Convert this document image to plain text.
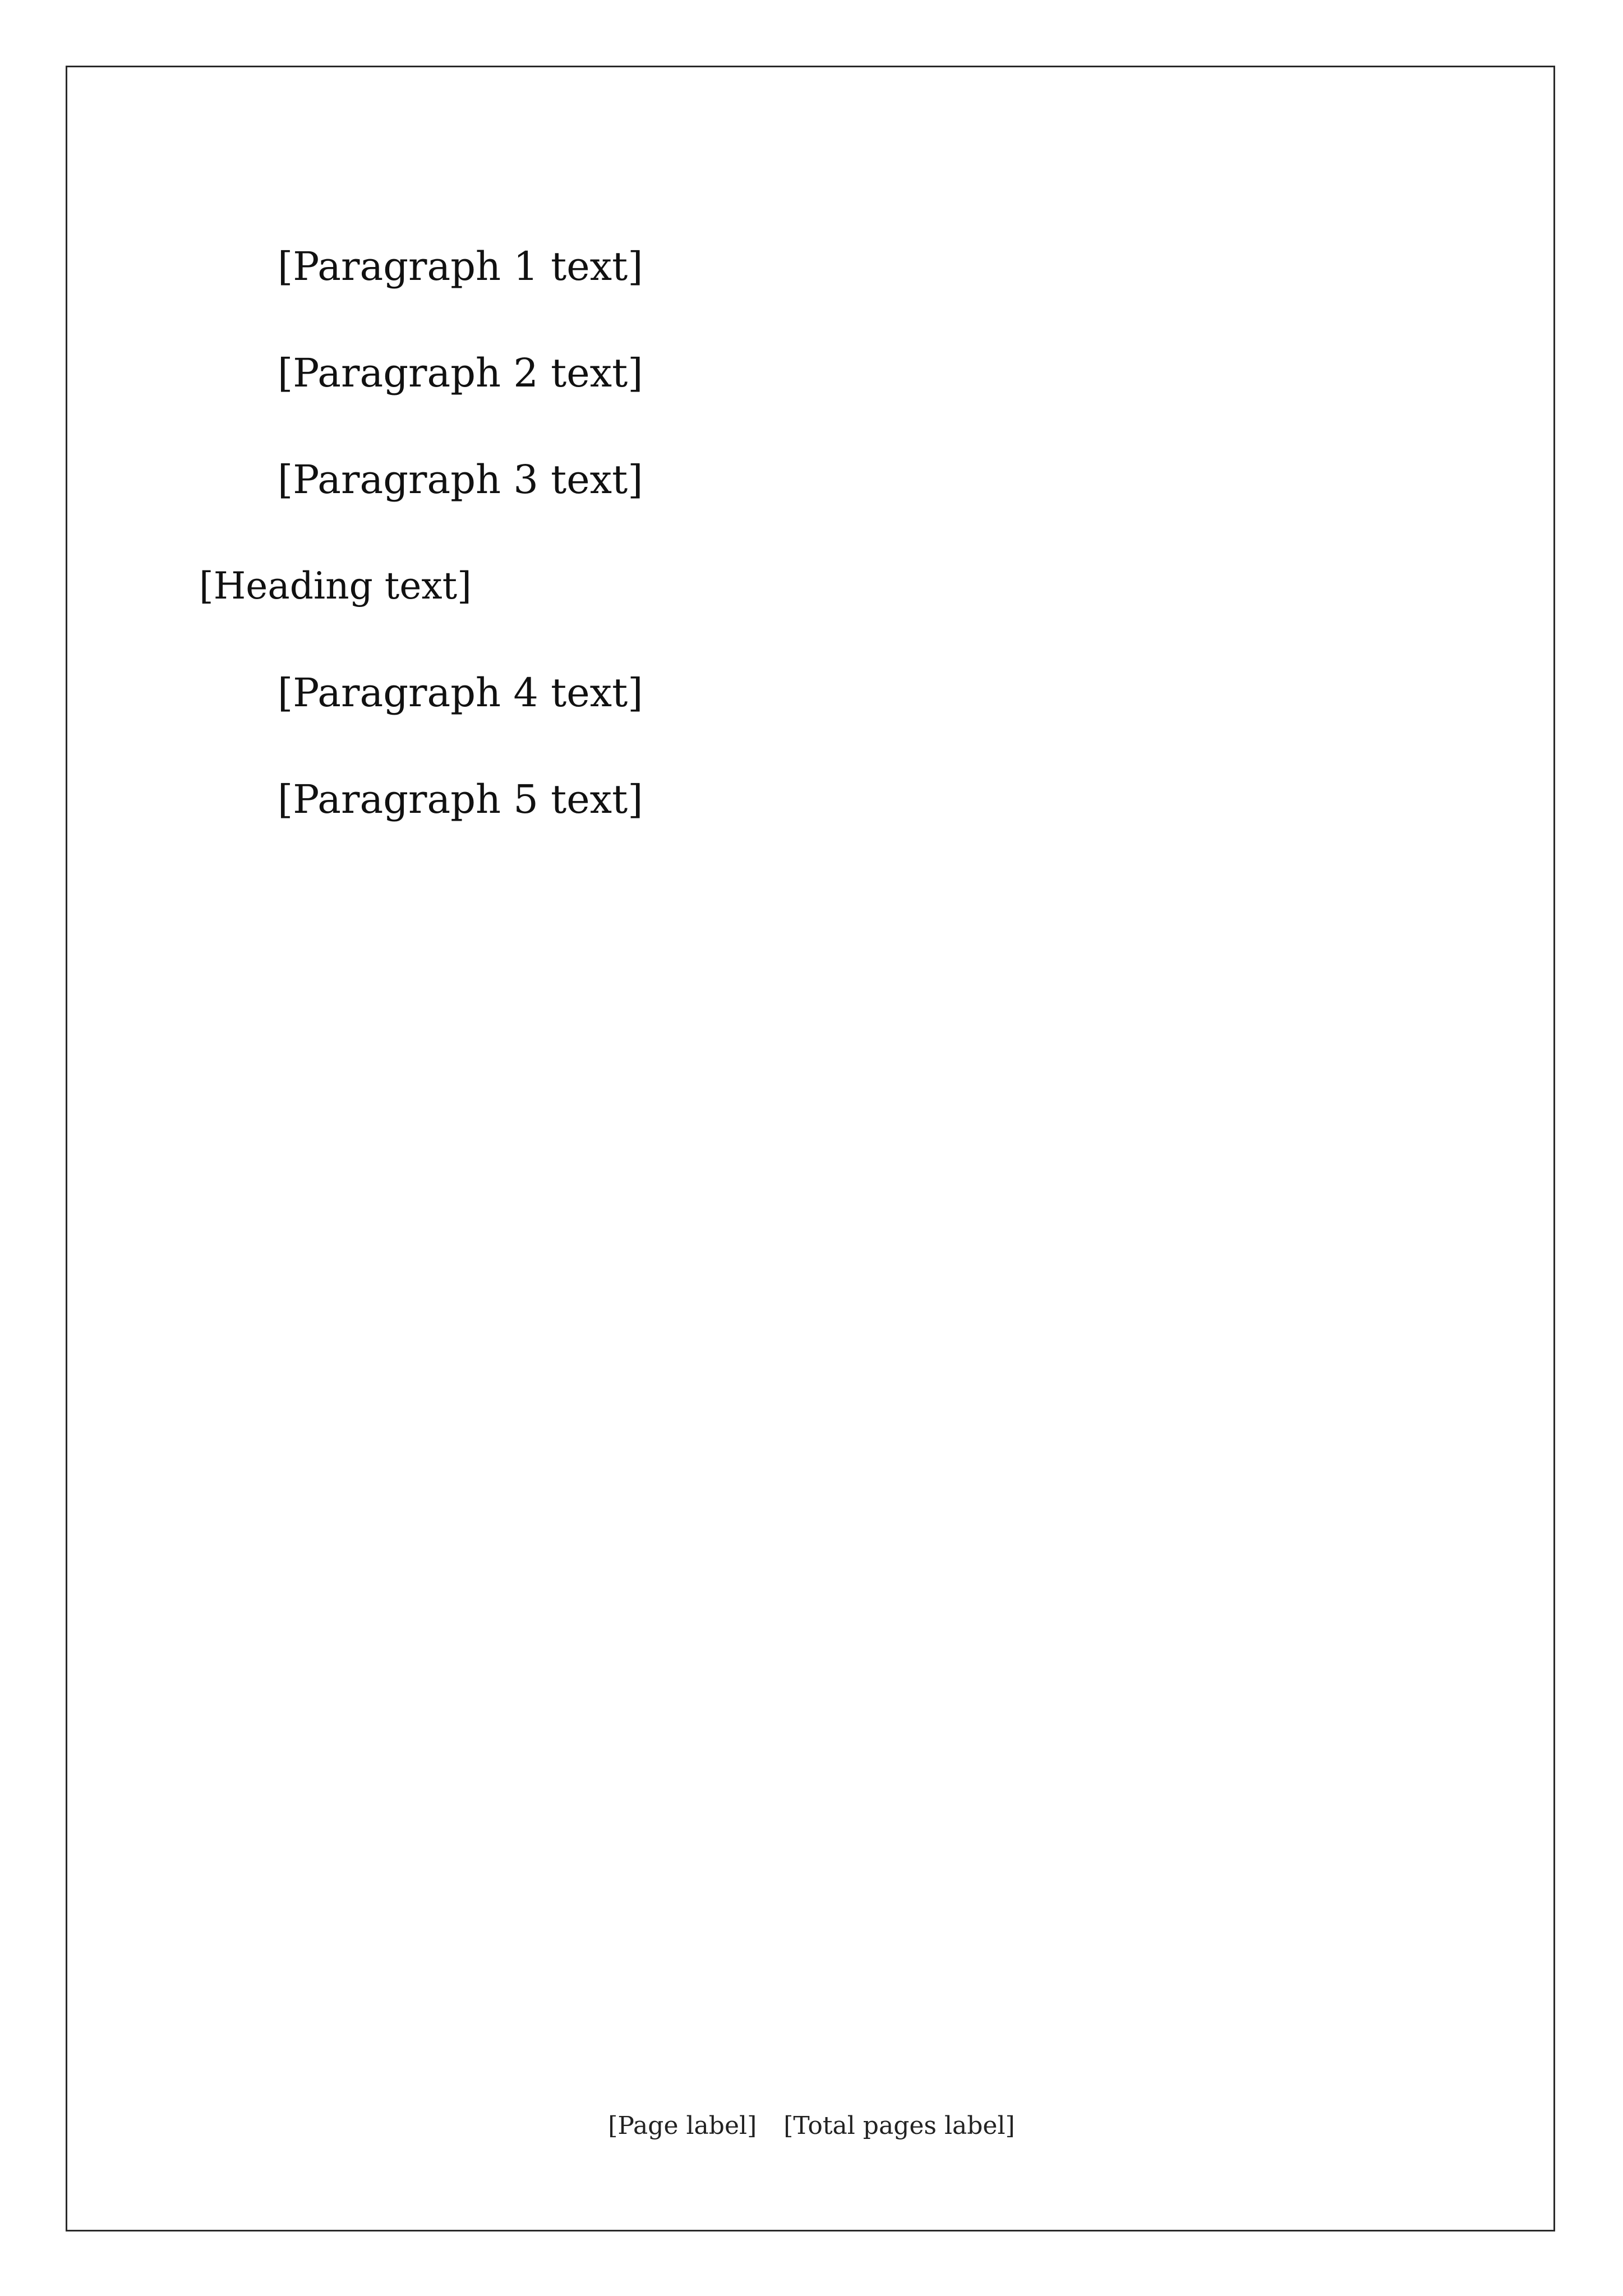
[Paragraph 1 text]

[Paragraph 2 text]

[Paragraph 3 text]

[Heading text]

[Paragraph 4 text]

[Paragraph 5 text]

[Page label] [Total pages label]
